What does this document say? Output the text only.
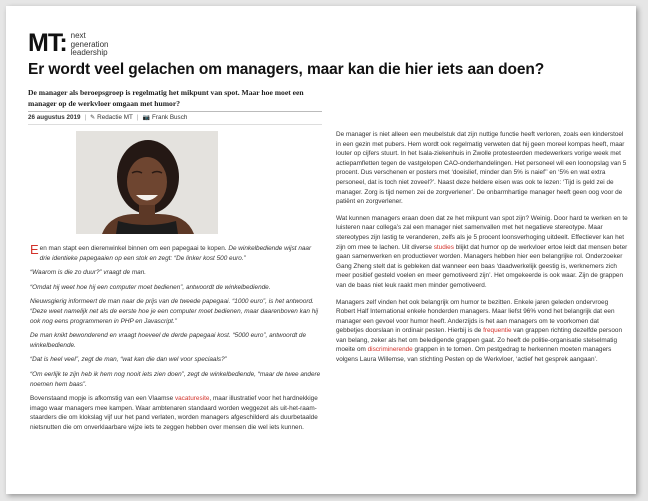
MT: next
generation
leadership
Er wordt veel gelachen om managers, maar kan die hier iets aan doen?

De manager als beroepsgroep is regelmatig het mikpunt van spot. Maar hoe moet een manager op de werkvloer omgaan met humor?

26 augustus 2019 | ✎ Redactie MT | 📷 Frank Busch

Een man stapt een dierenwinkel binnen om een papegaai te kopen. De winkelbediende wijst naar drie identieke papegaaien op een stok en zegt: “De linker kost 500 euro.”

“Waarom is die zo duur?” vraagt de man.

“Omdat hij weet hoe hij een computer moet bedienen”, antwoordt de winkelbediende.

Nieuwsgierig informeert de man naar de prijs van de tweede papegaai. “1000 euro”, is het antwoord. “Deze weet namelijk net als de eerste hoe je een computer moet bedienen, maar daarenboven kan hij ook nog eens programmeren in PHP en Javascript.”

De man knikt bewonderend en vraagt hoeveel de derde papegaai kost. “5000 euro”, antwoordt de winkelbediende.

“Dat is heel veel”, zegt de man, “wat kan die dan wel voor speciaals?”

“Om eerlijk te zijn heb ik hem nog nooit iets zien doen”, zegt de winkelbediende, “maar de twee andere noemen hem baas”.

Bovenstaand mopje is afkomstig van een Vlaamse vacaturesite, maar illustratief voor het hardnekkige imago waar managers mee kampen. Waar ambtenaren standaard worden weggezet als uit-het-raam-staarders die om klokslag vijf uur het pand verlaten, worden managers afgeschilderd als duurbetaalde nietsnutten die om onverklaarbare wijze iets te zeggen hebben over mensen die wel iets kunnen.

De manager is niet alleen een meubelstuk dat zijn nuttige functie heeft verloren, zoals een kinderstoel in een gezin met pubers. Hem wordt ook regelmatig verweten dat hij geen moreel kompas heeft, maar louter op cijfers stuurt. In het Isala-ziekenhuis in Zwolle protesteerden medewerkers vorige week met actiepamfletten tegen de vastgelopen CAO-onderhandelingen. Het personeel wil een loonopslag van 5 procent. Dus verschenen er posters met ‘doeislief, minder dan 5% is naief’’ en ‘5% en wat extra personeel, dat is toch niet zoveel?’. Naast deze heldere eisen was ook te lezen: ‘Tijd is geld zei de manager. Zorg is tijd nemen zei de zorgverlener’. De onbarmhartige manager heeft geen oog voor de patiënt en zorgverlener.

Wat kunnen managers eraan doen dat ze het mikpunt van spot zijn? Weinig. Door hard te werken en te luisteren naar collega’s zal een manager niet samenvallen met het negatieve stereotype. Maar stereotypes zijn lastig te veranderen, zelfs als je 5 procent loonsverhoging uitdeelt. Effectiever kan het zijn om mee te lachen. Uit diverse studies blijkt dat humor op de werkvloer ertoe leidt dat mensen beter gaan samenwerken en productiever worden. Managers hebben hier een belangrijke rol. Onderzoeker Gang Zheng stelt dat is gebleken dat wanneer een baas ‘daadwerkelijk geestig is, werknemers zich meer positief gesteld voelen en meer gemotiveerd zijn’. Het omgekeerde is ook waar. Zijn de grappen van de baas niet leuk raakt men minder gemotiveerd.

Managers zelf vinden het ook belangrijk om humor te bezitten. Enkele jaren geleden ondervroeg Robert Half International enkele honderden managers. Maar liefst 96% vond het belangrijk dat een manager een gevoel voor humor heeft. Anderzijds is het aan managers om te voorkomen dat gebbetjes doorslaan in ordinair pesten. Hierbij is de frequentie van grappen richting dezelfde persoon van belang, zeker als het om beledigende grappen gaat. Zo heeft de politie-organisatie stelselmatig moeite om discriminerende grappen in te tomen. Om pestgedrag te herkennen moeten managers volgens Laura Willemse, van stichting Pesten op de Werkvloer, ‘actief het gesprek aangaan’.
